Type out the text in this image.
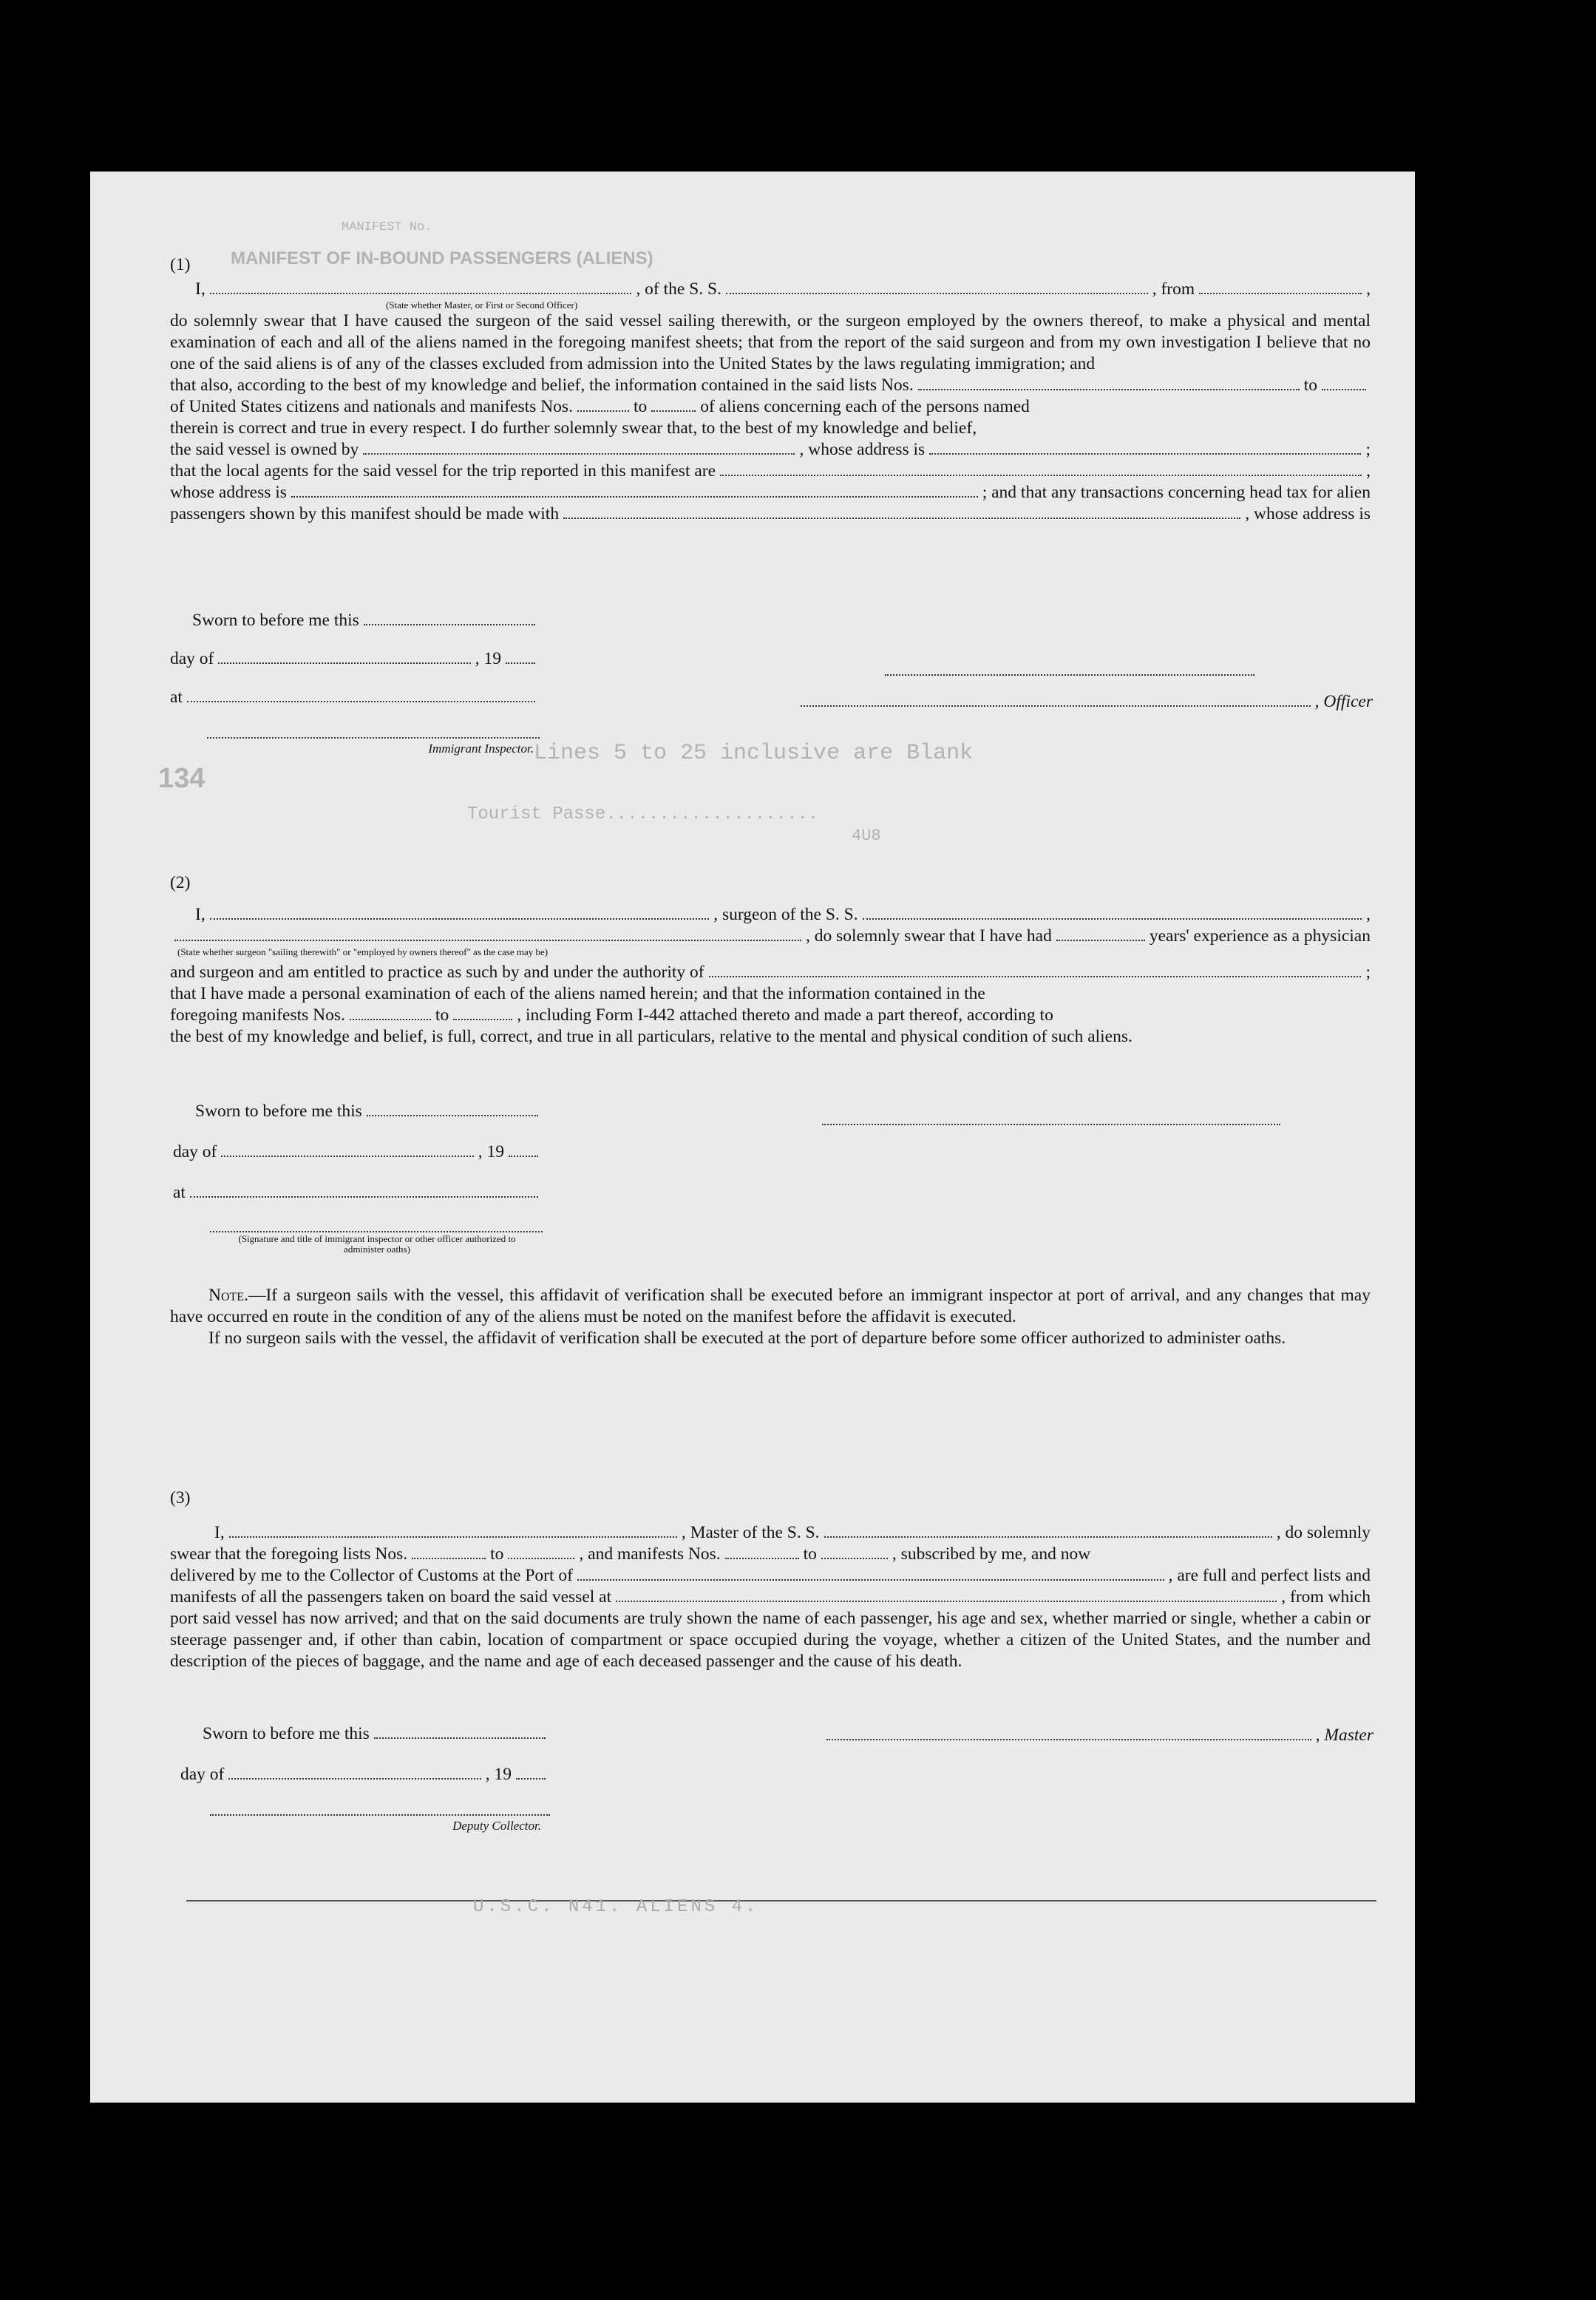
MANIFEST OF IN-BOUND PASSENGERS (ALIENS)
MANIFEST No.
Lines 5 to 25 inclusive are Blank
Tourist Passe....................
4U8
134

(1)

I,	, of the S. S.	, from	,
(State whether Master, or First or Second Officer)

do solemnly swear that I have caused the surgeon of the said vessel sailing therewith, or the surgeon employed by the owners thereof, to make a physical and mental examination of each and all of the aliens named in the foregoing manifest sheets; that from the report of the said surgeon and from my own investigation I believe that no one of the said aliens is of any of the classes excluded from admission into the United States by the laws regulating immigration; and

that also, according to the best of my knowledge and belief, the information contained in the said lists Nos.	to
of United States citizens and nationals and manifests Nos.	to	of aliens concerning each of the persons named

therein is correct and true in every respect. I do further solemnly swear that, to the best of my knowledge and belief,

the said vessel is owned by	, whose address is	;
that the local agents for the said vessel for the trip reported in this manifest are	,
whose address is	; and that any transactions concerning head tax for alien
passengers shown by this manifest should be made with	, whose address is
Sworn to before me this
day of	, 19
at
Immigrant Inspector.
, Officer

(2)

I,	, surgeon of the S. S.	,
, do solemnly swear that I have had	years' experience as a physician
(State whether surgeon "sailing therewith" or "employed by owners thereof" as the case may be)
and surgeon and am entitled to practice as such by and under the authority of	;

that I have made a personal examination of each of the aliens named herein; and that the information contained in the

foregoing manifests Nos.	to	, including Form I-442 attached thereto and made a part thereof, according to

the best of my knowledge and belief, is full, correct, and true in all particulars, relative to the mental and physical condition of such aliens.

Sworn to before me this
day of	, 19
at
(Signature and title of immigrant inspector or other officer authorized to administer oaths)

Note.—If a surgeon sails with the vessel, this affidavit of verification shall be executed before an immigrant inspector at port of arrival, and any changes that may have occurred en route in the condition of any of the aliens must be noted on the manifest before the affidavit is executed.

If no surgeon sails with the vessel, the affidavit of verification shall be executed at the port of departure before some officer authorized to administer oaths.

(3)

I,	, Master of the S. S.	, do solemnly
swear that the foregoing lists Nos.	to	, and manifests Nos.	to	, subscribed by me, and now
delivered by me to the Collector of Customs at the Port of	, are full and perfect lists and
manifests of all the passengers taken on board the said vessel at	, from which

port said vessel has now arrived; and that on the said documents are truly shown the name of each passenger, his age and sex, whether married or single, whether a cabin or steerage passenger and, if other than cabin, location of compartment or space occupied during the voyage, whether a citizen of the United States, and the number and description of the pieces of baggage, and the name and age of each deceased passenger and the cause of his death.

Sworn to before me this
day of	, 19
Deputy Collector.
, Master
U.S.C. N41. ALIENS 4.
